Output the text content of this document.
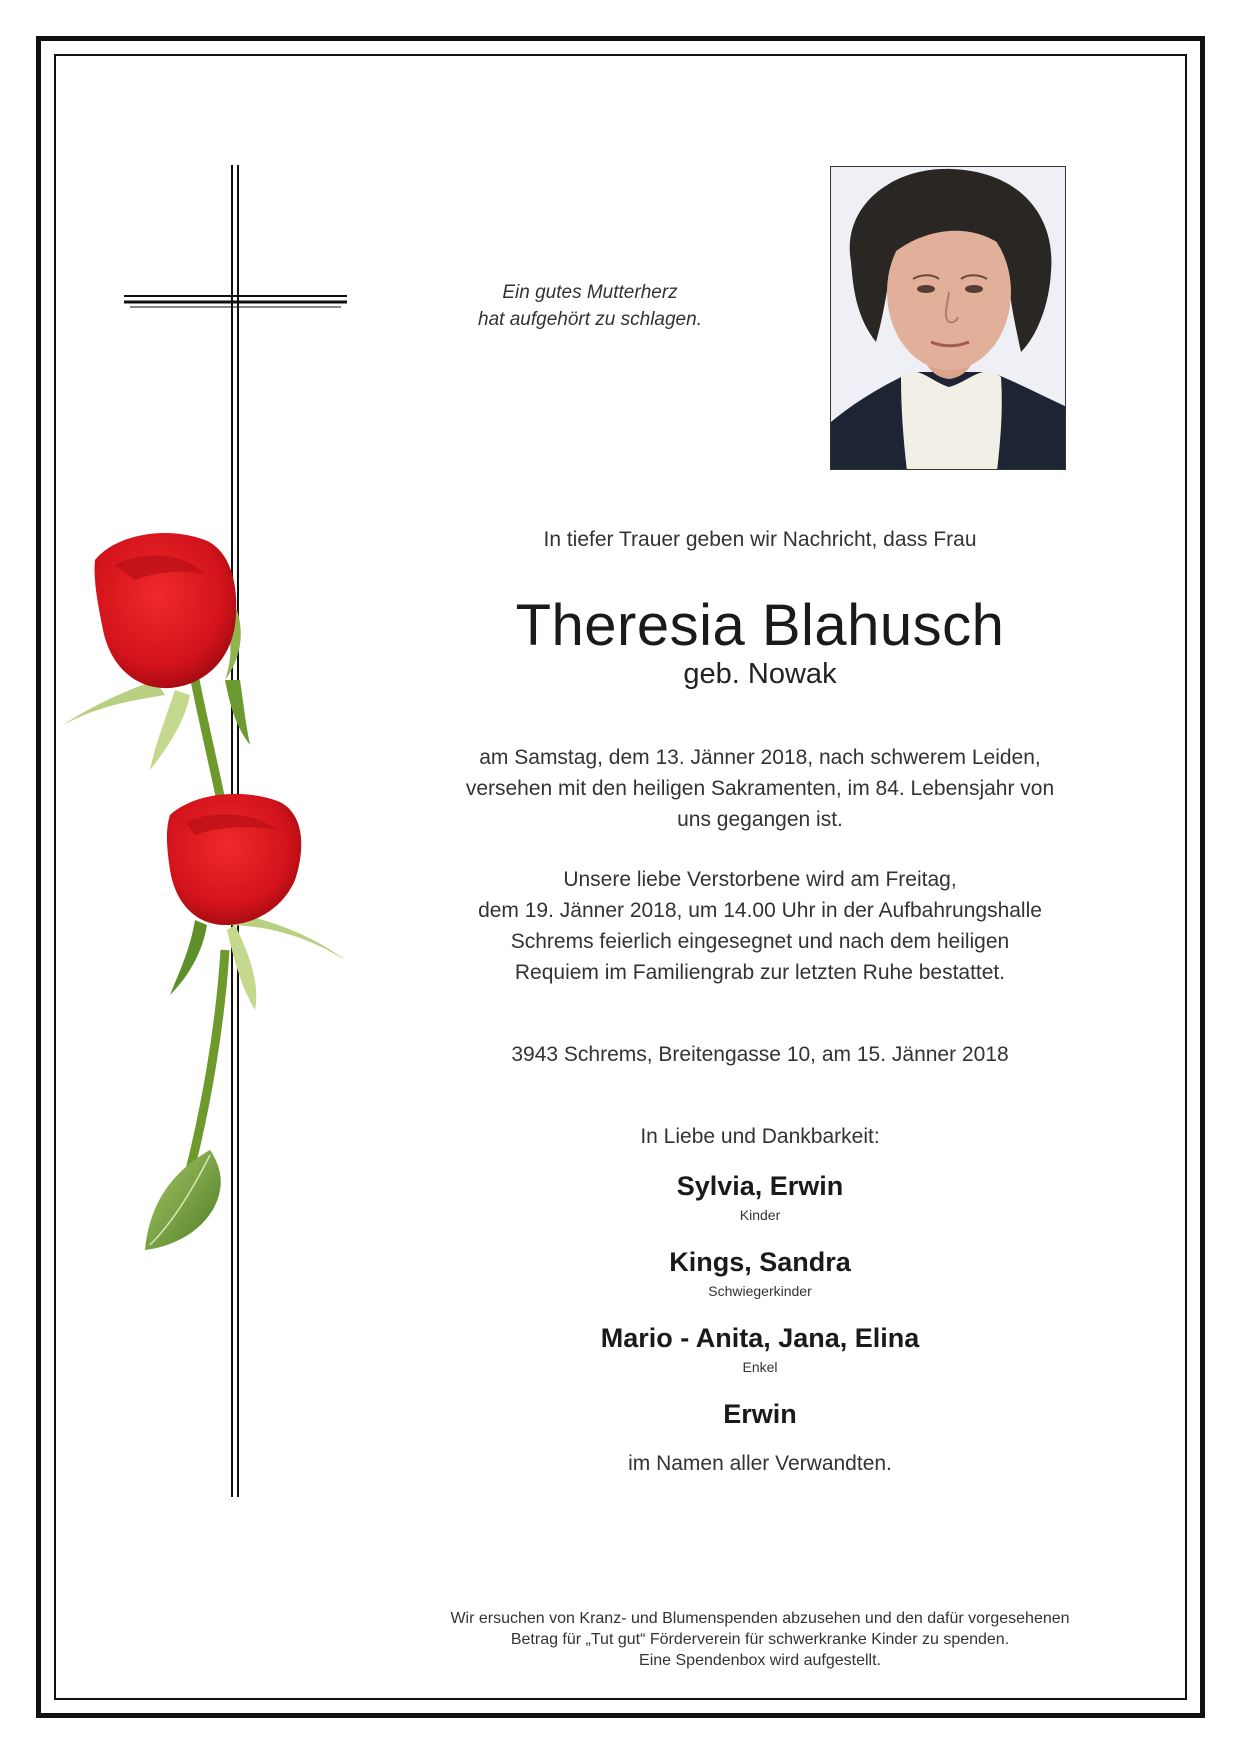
Ein gutes Mutterherz
hat aufgehört zu schlagen.
In tiefer Trauer geben wir Nachricht, dass Frau
Theresia Blahusch
geb. Nowak
am Samstag, dem 13. Jänner 2018, nach schwerem Leiden,
versehen mit den heiligen Sakramenten, im 84. Lebensjahr von
uns gegangen ist.
Unsere liebe Verstorbene wird am Freitag,
dem 19. Jänner 2018, um 14.00 Uhr in der Aufbahrungshalle
Schrems feierlich eingesegnet und nach dem heiligen
Requiem im Familiengrab zur letzten Ruhe bestattet.
3943 Schrems, Breitengasse 10, am 15. Jänner 2018
In Liebe und Dankbarkeit:
Sylvia, Erwin
Kinder
Kings, Sandra
Schwiegerkinder
Mario - Anita, Jana, Elina
Enkel
Erwin
im Namen aller Verwandten.
Wir ersuchen von Kranz- und Blumenspenden abzusehen und den dafür vorgesehenen
Betrag für „Tut gut“ Förderverein für schwerkranke Kinder zu spenden.
Eine Spendenbox wird aufgestellt.
